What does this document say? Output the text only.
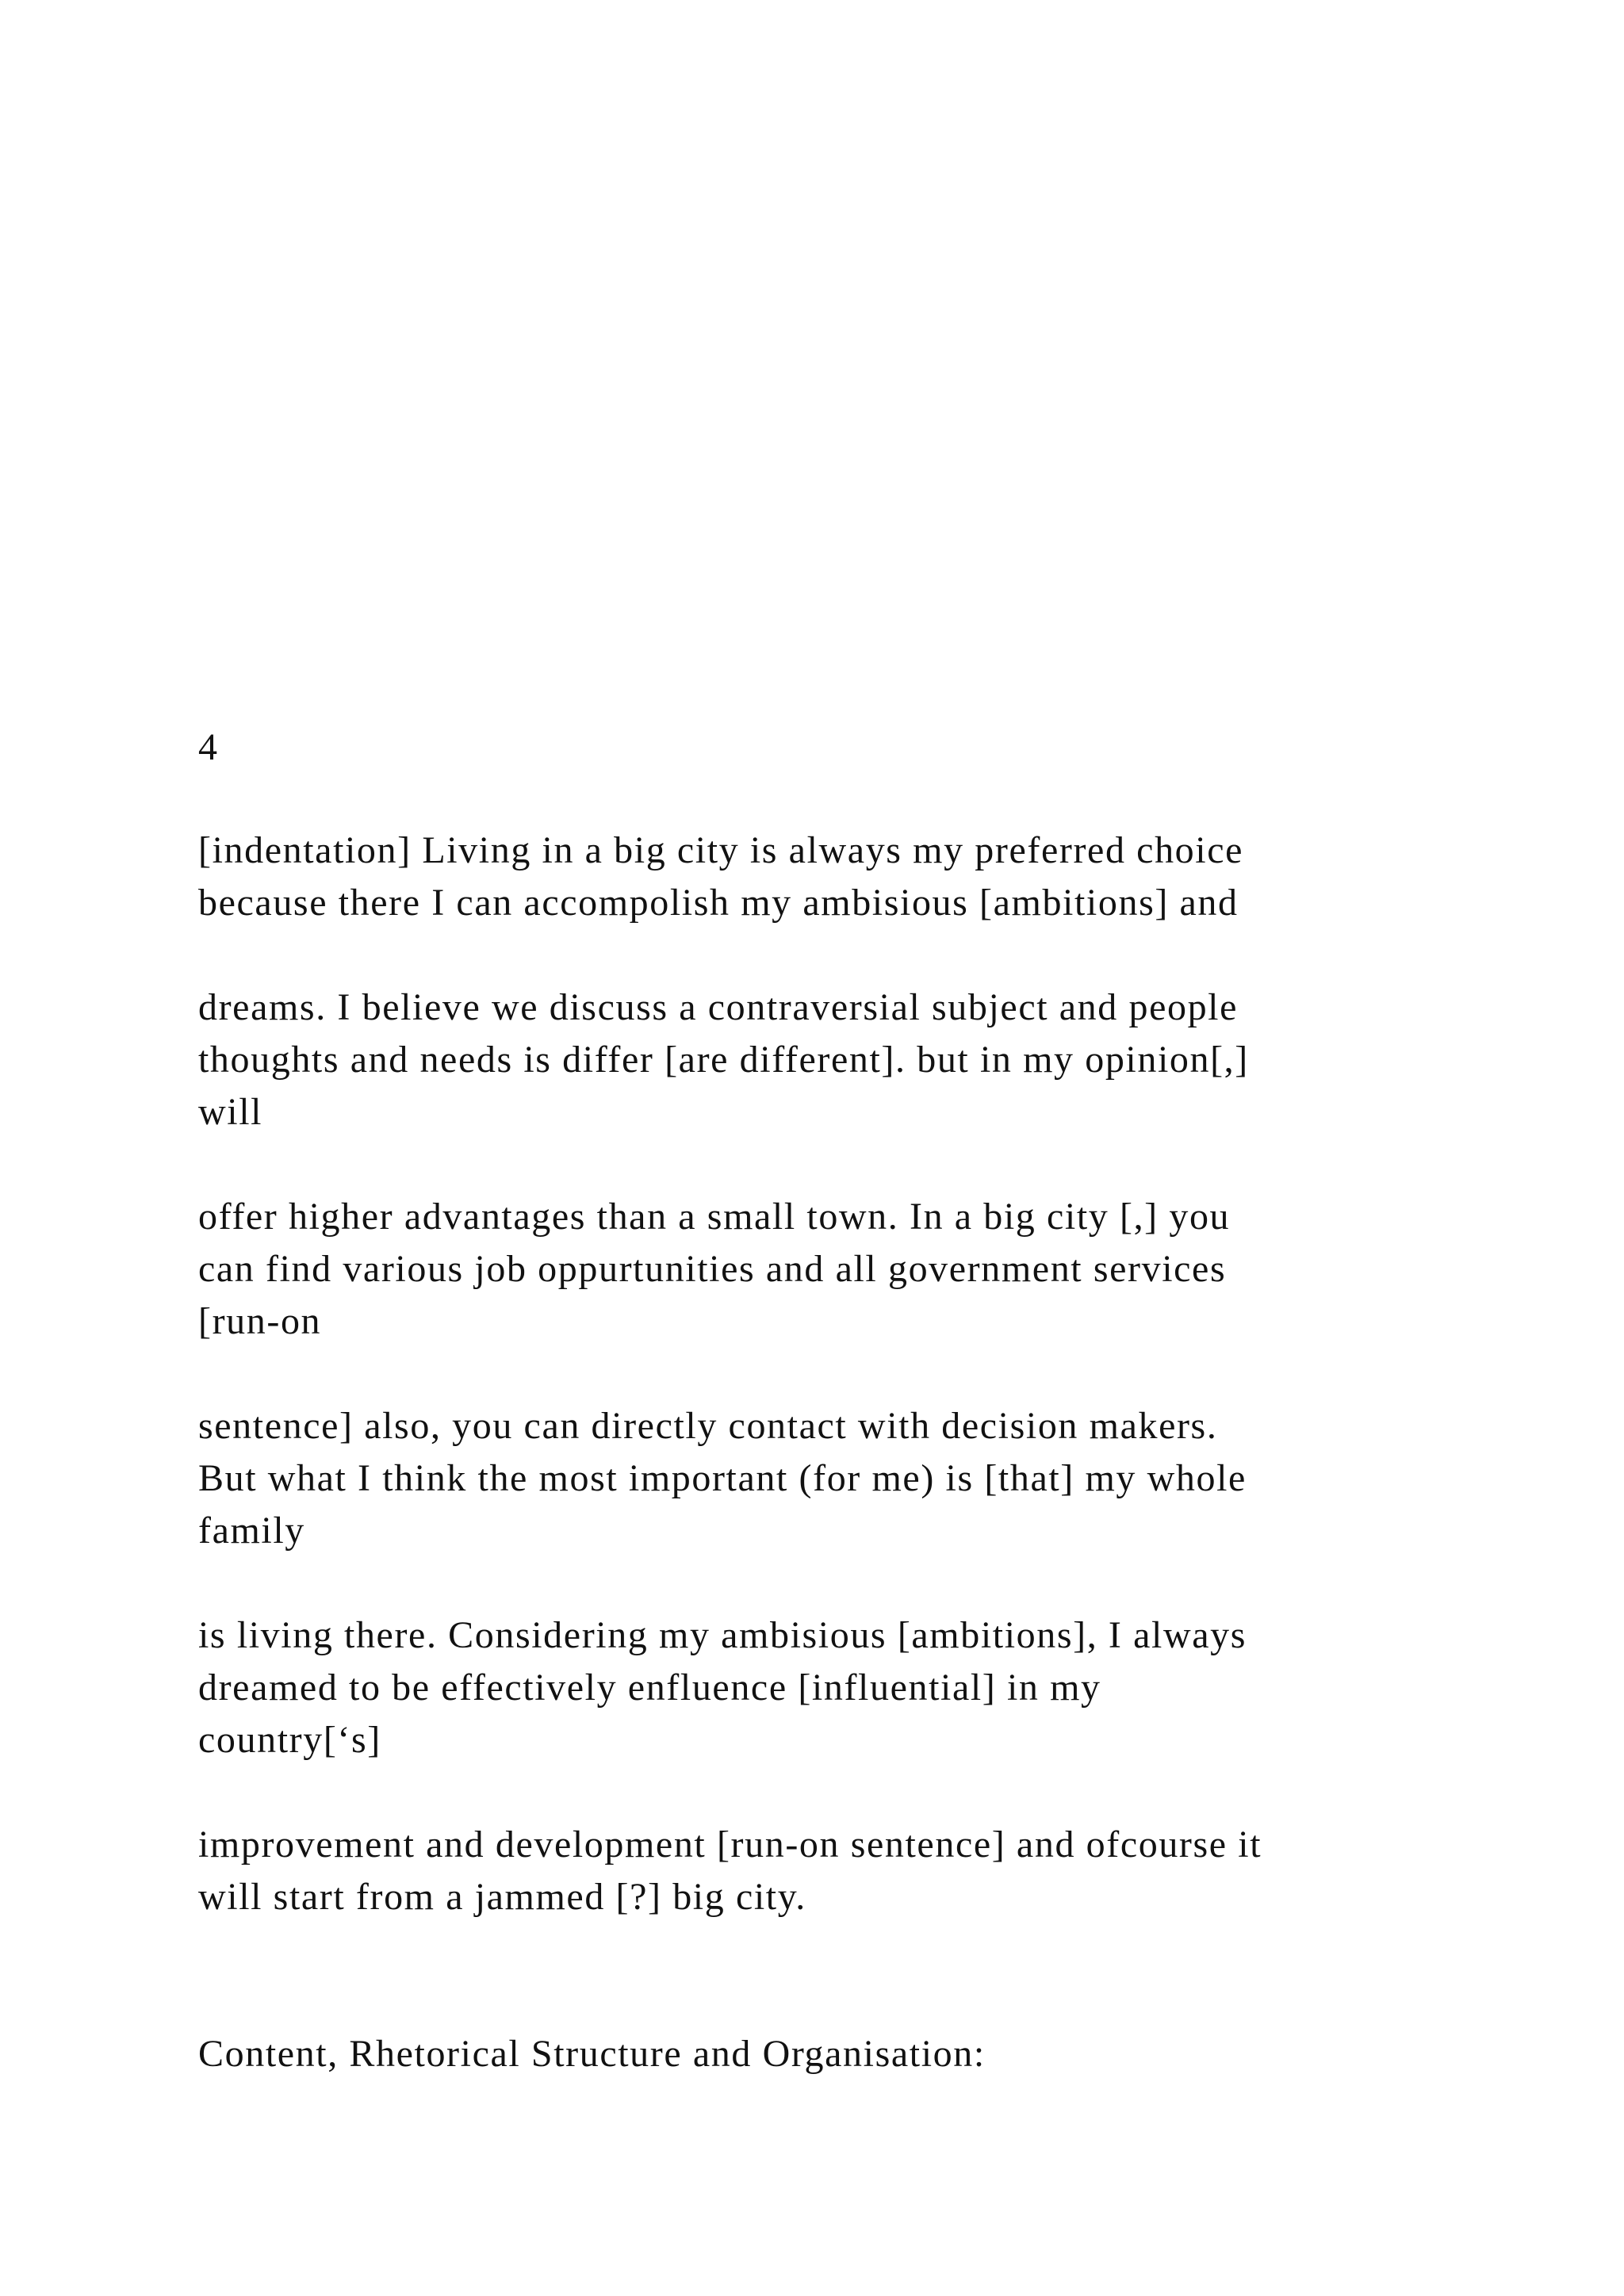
4
[indentation] Living in a big city is always my preferred choice
because there I can accompolish my ambisious [ambitions] and
dreams. I believe we discuss a contraversial subject and people
thoughts and needs is differ [are different]. but in my opinion[,]
will
offer higher advantages than a small town. In a big city [,] you
can find various job oppurtunities and all government services
[run-on
sentence] also, you can directly contact with decision makers.
But what I think the most important (for me) is [that] my whole
family
is living there. Considering my ambisious [ambitions], I always
dreamed to be effectively enfluence [influential] in my
country[‘s]
improvement and development [run-on sentence] and ofcourse it
will start from a jammed [?] big city.
Content, Rhetorical Structure and Organisation:
